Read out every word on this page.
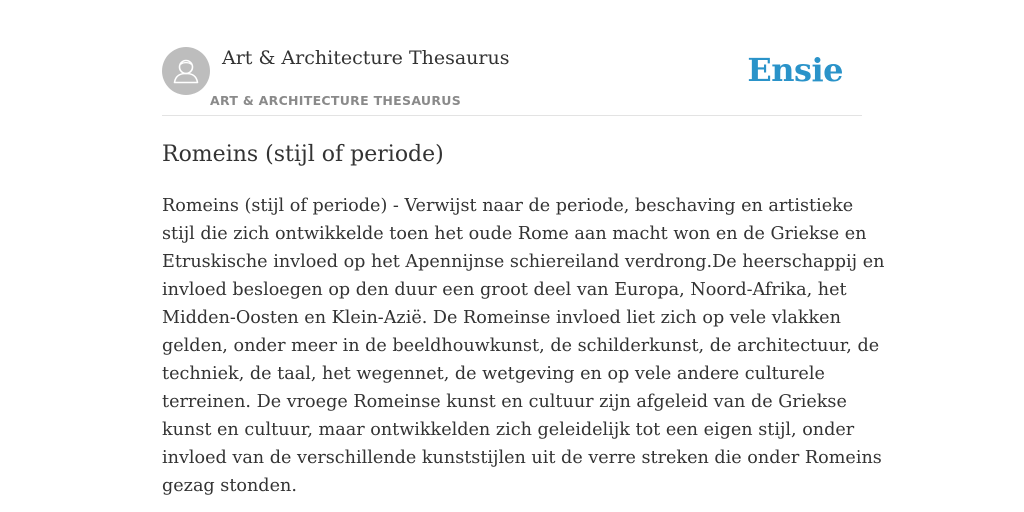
Art & Architecture Thesaurus
ART & ARCHITECTURE THESAURUS
Ensie
Romeins (stijl of periode)

Romeins (stijl of periode) - Verwijst naar de periode, beschaving en artistieke
stijl die zich ontwikkelde toen het oude Rome aan macht won en de Griekse en
Etruskische invloed op het Apennijnse schiereiland verdrong.De heerschappij en
invloed besloegen op den duur een groot deel van Europa, Noord-Afrika, het
Midden-Oosten en Klein-Azië. De Romeinse invloed liet zich op vele vlakken
gelden, onder meer in de beeldhouwkunst, de schilderkunst, de architectuur, de
techniek, de taal, het wegennet, de wetgeving en op vele andere culturele
terreinen. De vroege Romeinse kunst en cultuur zijn afgeleid van de Griekse
kunst en cultuur, maar ontwikkelden zich geleidelijk tot een eigen stijl, onder
invloed van de verschillende kunststijlen uit de verre streken die onder Romeins
gezag stonden.
